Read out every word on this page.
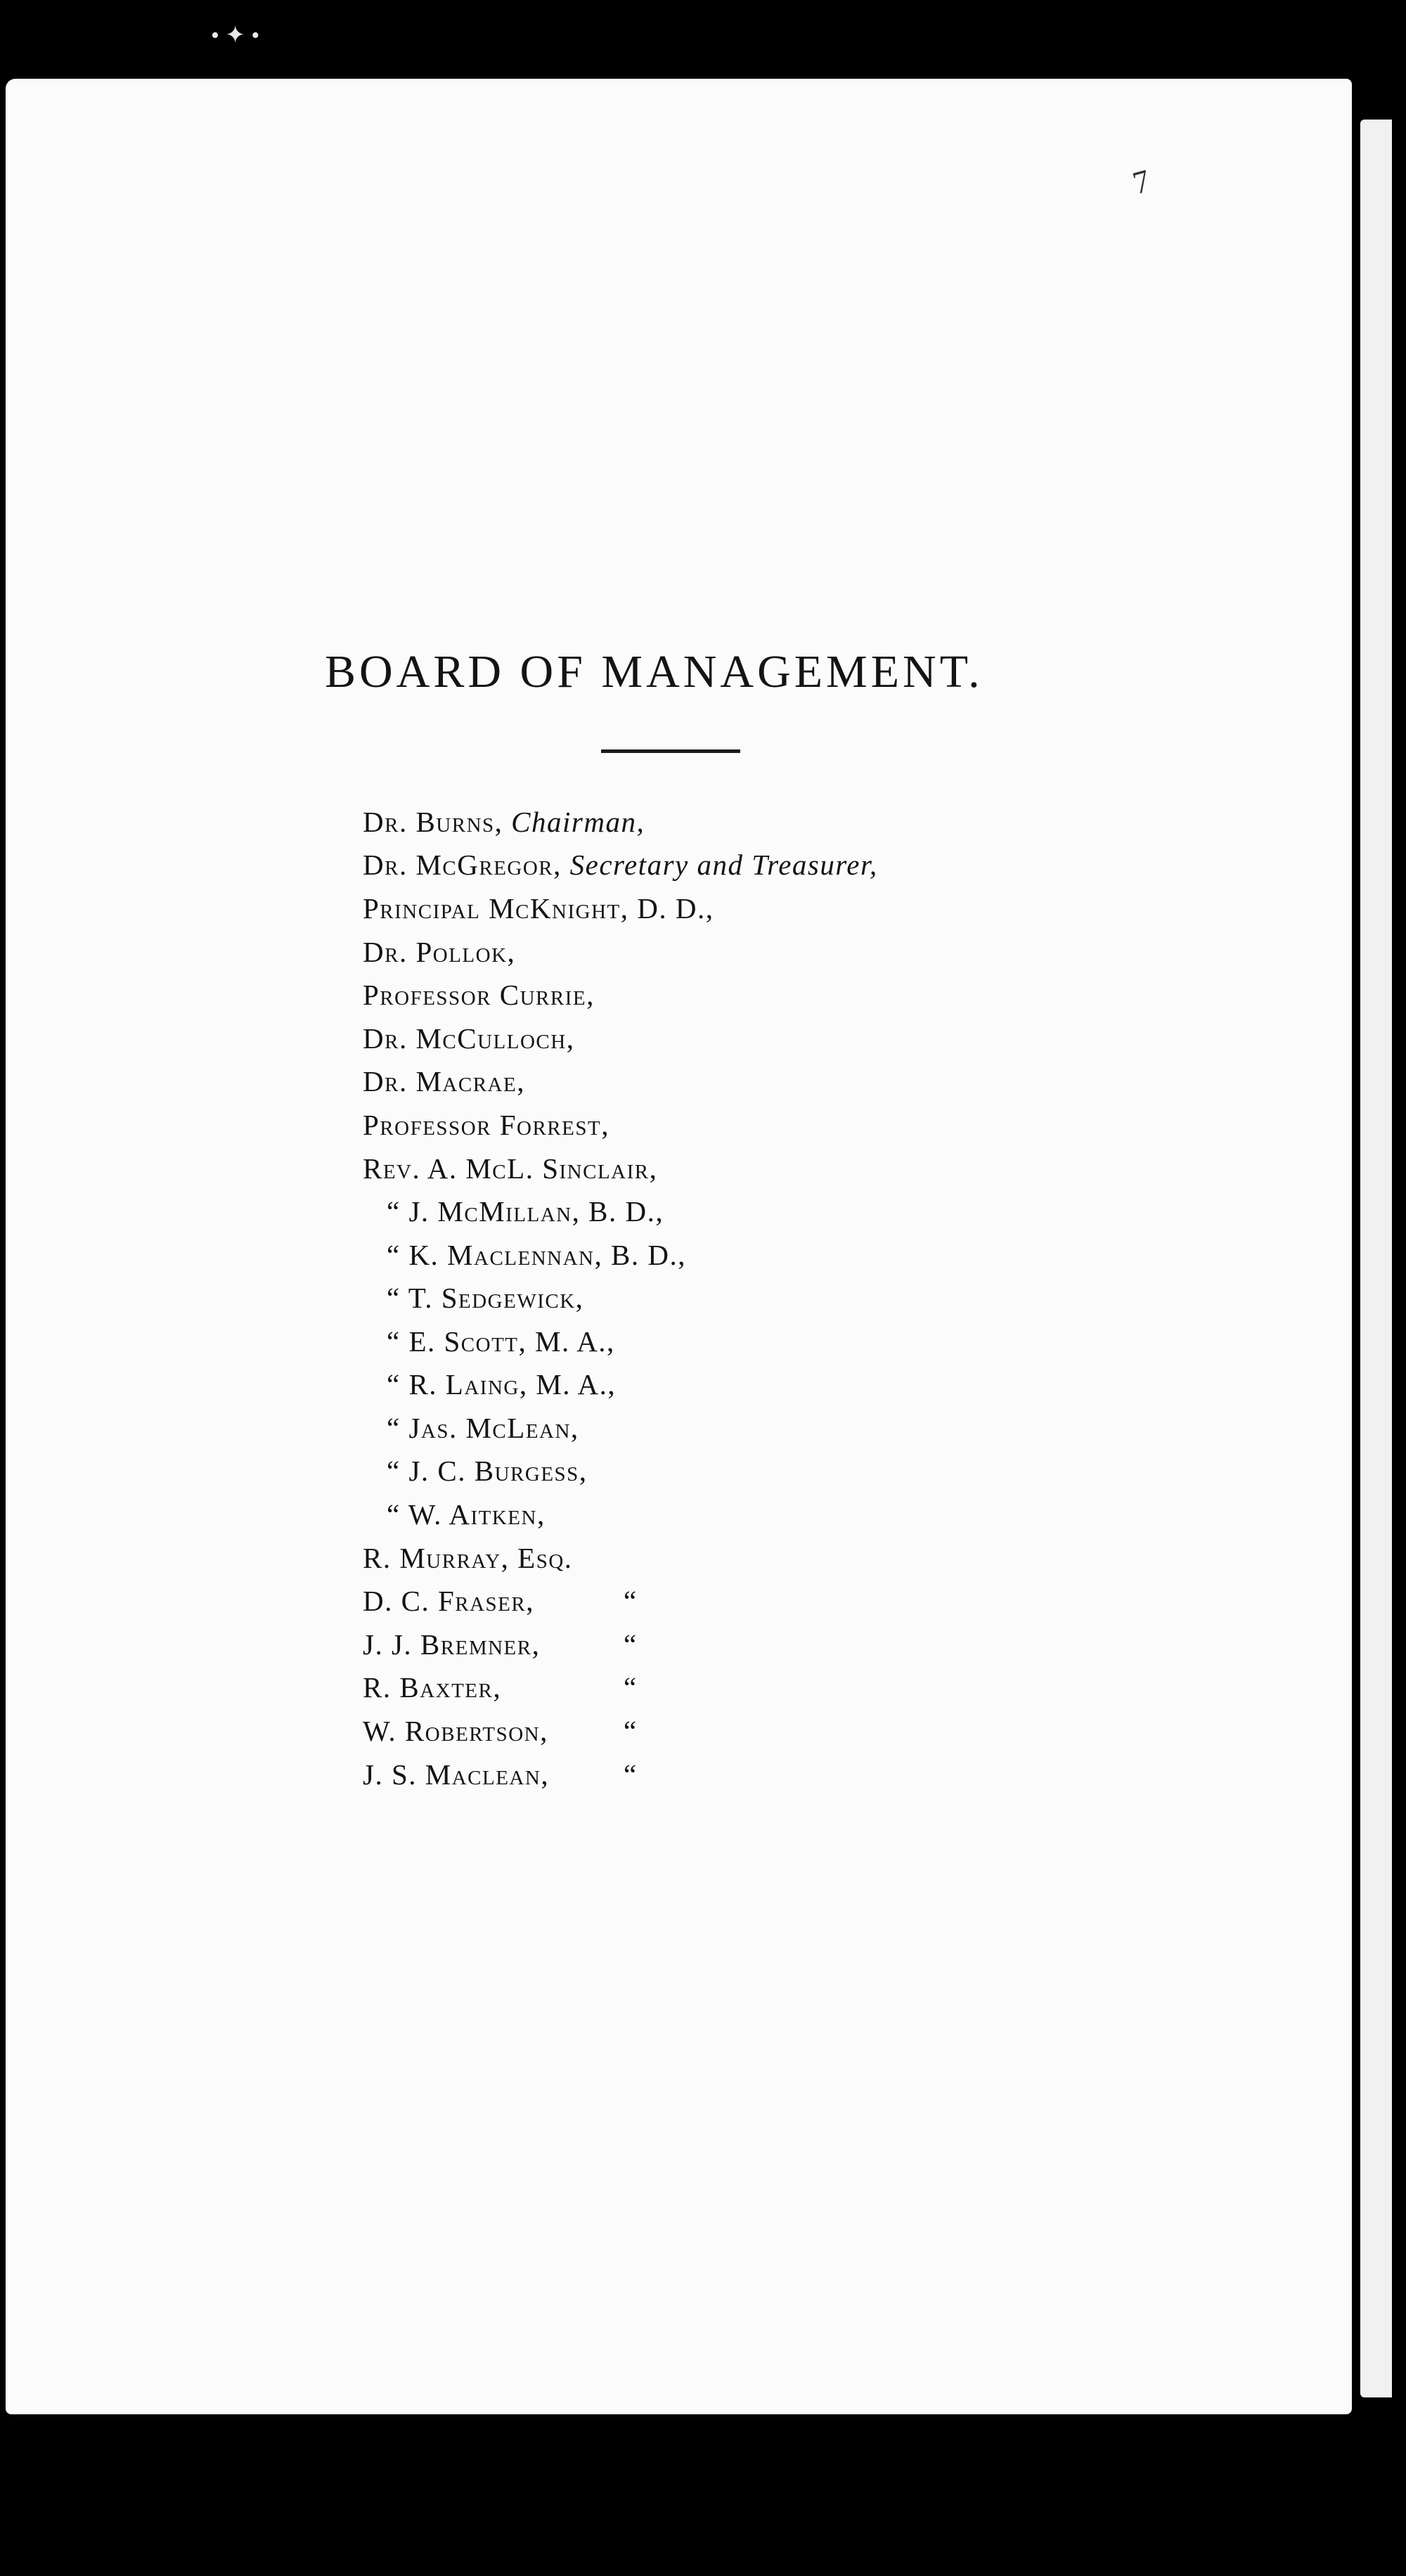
• ✦ •
7
BOARD OF MANAGEMENT.
Dr. Burns, Chairman,
Dr. McGregor, Secretary and Treasurer,
Principal McKnight, D. D.,
Dr. Pollok,
Professor Currie,
Dr. McCulloch,
Dr. Macrae,
Professor Forrest,
Rev. A. McL. Sinclair,
“ J. McMillan, B. D.,
“ K. Maclennan, B. D.,
“ T. Sedgewick,
“ E. Scott, M. A.,
“ R. Laing, M. A.,
“ Jas. McLean,
“ J. C. Burgess,
“ W. Aitken,
R. Murray, Esq.
D. C. Fraser,
J. J. Bremner,
R. Baxter,
W. Robertson,
J. S. Maclean,
“
“
“
“
“
